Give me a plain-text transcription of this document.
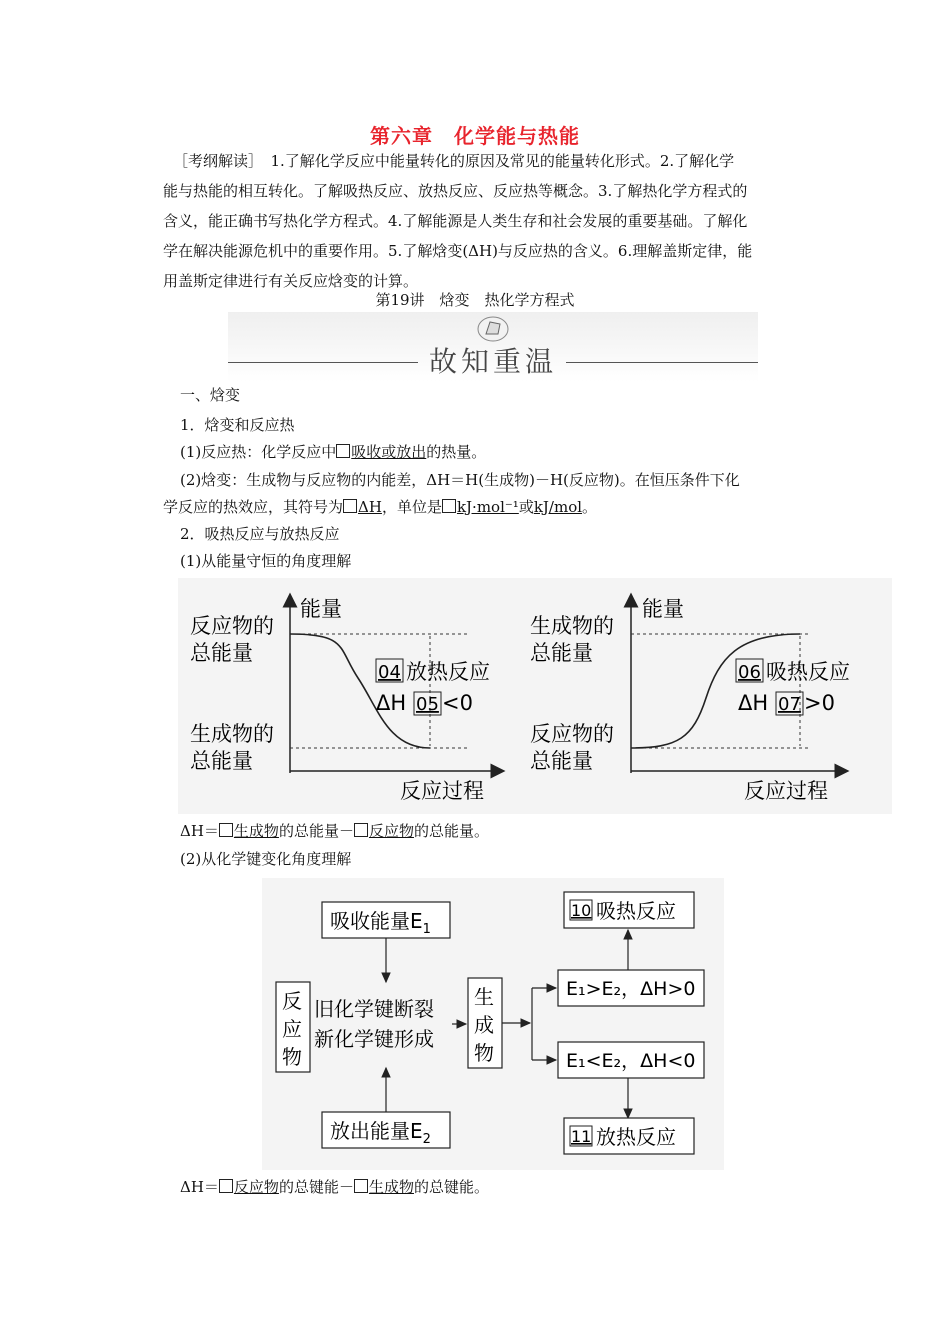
第六章　化学能与热能
［考纲解读］　1.了解化学反应中能量转化的原因及常见的能量转化形式。2.了解化学
能与热能的相互转化。了解吸热反应、放热反应、反应热等概念。3.了解热化学方程式的
含义，能正确书写热化学方程式。4.了解能源是人类生存和社会发展的重要基础。了解化
学在解决能源危机中的重要作用。5.了解焓变(ΔH)与反应热的含义。6.理解盖斯定律，能
用盖斯定律进行有关反应焓变的计算。
第19讲　焓变　热化学方程式
故知重温
一、焓变
1．焓变和反应热
(1)反应热：化学反应中 吸收或放出的热量。
(2)焓变：生成物与反应物的内能差，ΔH＝H(生成物)－H(反应物)。在恒压条件下化
学反应的热效应，其符号为 ΔH，单位是 kJ·mol⁻¹或kJ/mol。
2．吸热反应与放热反应
(1)从能量守恒的角度理解
能量
反应物的
总能量
生成物的
总能量
04 放热反应
ΔH 05 <0
反应过程
能量
生成物的
总能量
反应物的
总能量
06 吸热反应
ΔH 07 >0
反应过程
ΔH＝ 生成物的总能量－ 反应物的总能量。
(2)从化学键变化角度理解
吸收能量$E_1$
反
应
物
旧化学键断裂
新化学键形成
生
成
物
E₁>E₂，ΔH>0
E₁<E₂，ΔH<0
10 吸热反应
11 放热反应
放出能量$E_2$
ΔH＝ 反应物的总键能－ 生成物的总键能。
